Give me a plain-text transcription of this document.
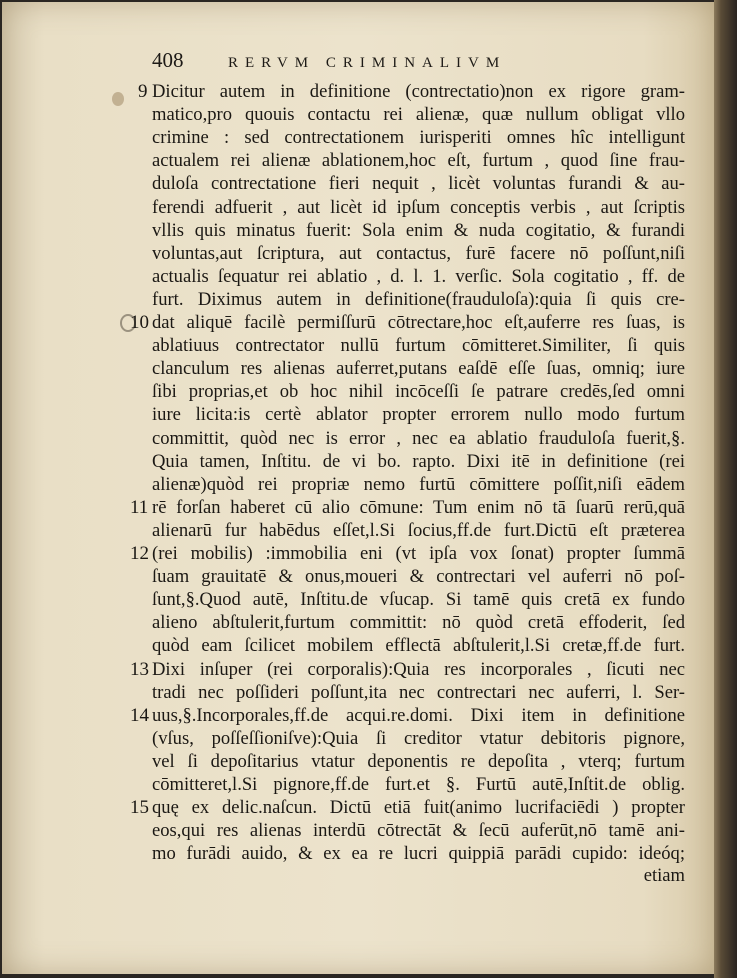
408	RERVM CRIMINALIVM
Dicitur autem in definitione (contrectatio)non ex rigore gram-
matico,pro quouis contactu rei alienæ, quæ nullum obligat vllo
crimine : sed contrectationem iurisperiti omnes hîc intelligunt
actualem rei alienæ ablationem,hoc eſt, furtum , quod ſine frau-
duloſa contrectatione fieri nequit , licèt voluntas furandi & au-
ferendi adfuerit , aut licèt id ipſum conceptis verbis , aut ſcriptis
vllis quis minatus fuerit: Sola enim & nuda cogitatio, & furandi
voluntas,aut ſcriptura, aut contactus, furē facere nō poſſunt,niſi
actualis ſequatur rei ablatio , d. l. 1. verſic. Sola cogitatio , ff. de
furt. Diximus autem in definitione(frauduloſa):quia ſi quis cre-
dat aliquē facilè permiſſurū cōtrectare,hoc eſt,auferre res ſuas, is
ablatiuus contrectator nullū furtum cōmitteret.Similiter, ſi quis
clanculum res alienas auferret,putans eaſdē eſſe ſuas, omniq; iure
ſibi proprias,et ob hoc nihil incōceſſi ſe patrare credēs,ſed omni
iure licita:is certè ablator propter errorem nullo modo furtum
committit, quòd nec is error , nec ea ablatio frauduloſa fuerit,§.
Quia tamen, Inſtitu. de vi bo. rapto. Dixi itē in definitione (rei
alienæ)quòd rei propriæ nemo furtū cōmittere poſſit,niſi eādem
rē forſan haberet cū alio cōmune: Tum enim nō tā ſuarū rerū,quā
alienarū fur habēdus eſſet,l.Si ſocius,ff.de furt.Dictū eſt præterea
(rei mobilis) :immobilia eni (vt ipſa vox ſonat) propter ſummā
ſuam grauitatē & onus,moueri & contrectari vel auferri nō poſ-
ſunt,§.Quod autē, Inſtitu.de vſucap. Si tamē quis cretā ex fundo
alieno abſtulerit,furtum committit: nō quòd cretā effoderit, ſed
quòd eam ſcilicet mobilem efflectā abſtulerit,l.Si cretæ,ff.de furt.
Dixi inſuper (rei corporalis):Quia res incorporales , ſicuti nec
tradi nec poſſideri poſſunt,ita nec contrectari nec auferri, l. Ser-
uus,§.Incorporales,ff.de acqui.re.domi. Dixi item in definitione
(vſus, poſſeſſioniſve):Quia ſi creditor vtatur debitoris pignore,
vel ſi depoſitarius vtatur deponentis re depoſita , vterq; furtum
cōmitteret,l.Si pignore,ff.de furt.et §. Furtū autē,Inſtit.de oblig.
quę ex delic.naſcun. Dictū etiā fuit(animo lucrifaciēdi ) propter
eos,qui res alienas interdū cōtrectāt & ſecū auferūt,nō tamē ani-
mo furādi auido, & ex ea re lucri quippiā parādi cupido: ideóq;
9
10
11
12
13
14
15
etiam
